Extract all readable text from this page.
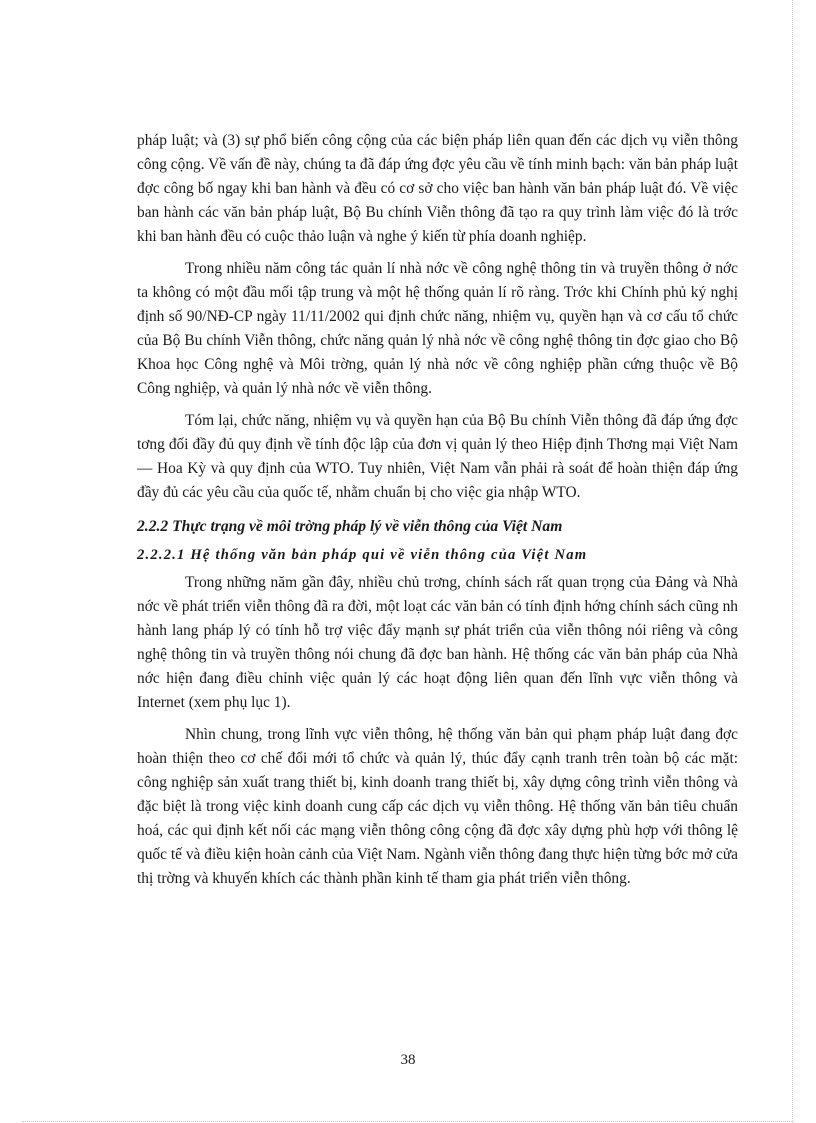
pháp luật; và (3) sự phổ biến công cộng của các biện pháp liên quan đến các dịch vụ viễn thông công cộng. Về vấn đề này, chúng ta đã đáp ứng đợc yêu cầu về tính minh bạch: văn bản pháp luật đợc công bố ngay khi ban hành và đều có cơ sở cho việc ban hành văn bản pháp luật đó. Về việc ban hành các văn bản pháp luật, Bộ Bu chính Viễn thông đã tạo ra quy trình làm việc đó là trớc khi ban hành đều có cuộc thảo luận và nghe ý kiến từ phía doanh nghiệp.

Trong nhiều năm công tác quản lí nhà nớc về công nghệ thông tin và truyền thông ở nớc ta không có một đầu mối tập trung và một hệ thống quản lí rõ ràng. Trớc khi Chính phủ ký nghị định số 90/NĐ-CP ngày 11/11/2002 qui định chức năng, nhiệm vụ, quyền hạn và cơ cấu tổ chức của Bộ Bu chính Viễn thông, chức năng quản lý nhà nớc về công nghệ thông tin đợc giao cho Bộ Khoa học Công nghệ và Môi trờng, quản lý nhà nớc về công nghiệp phần cứng thuộc về Bộ Công nghiệp, và quản lý nhà nớc về viễn thông.

Tóm lại, chức năng, nhiệm vụ và quyền hạn của Bộ Bu chính Viễn thông đã đáp ứng đợc tơng đối đầy đủ quy định về tính độc lập của đơn vị quản lý theo Hiệp định Thơng mại Việt Nam — Hoa Kỳ và quy định của WTO. Tuy nhiên, Việt Nam vẫn phải rà soát để hoàn thiện đáp ứng đầy đủ các yêu cầu của quốc tế, nhằm chuẩn bị cho việc gia nhập WTO.

2.2.2 Thực trạng về môi trờng pháp lý về viễn thông của Việt Nam
2.2.2.1 Hệ thống văn bản pháp qui về viễn thông của Việt Nam

Trong những năm gần đây, nhiều chủ trơng, chính sách rất quan trọng của Đảng và Nhà nớc về phát triển viễn thông đã ra đời, một loạt các văn bản có tính định hớng chính sách cũng nh hành lang pháp lý có tính hỗ trợ việc đẩy mạnh sự phát triển của viễn thông nói riêng và công nghệ thông tin và truyền thông nói chung đã đợc ban hành. Hệ thống các văn bản pháp của Nhà nớc hiện đang điều chỉnh việc quản lý các hoạt động liên quan đến lĩnh vực viễn thông và Internet (xem phụ lục 1).

Nhìn chung, trong lĩnh vực viễn thông, hệ thống văn bản qui phạm pháp luật đang đợc hoàn thiện theo cơ chế đổi mới tổ chức và quản lý, thúc đẩy cạnh tranh trên toàn bộ các mặt: công nghiệp sản xuất trang thiết bị, kinh doanh trang thiết bị, xây dựng công trình viễn thông và đặc biệt là trong việc kinh doanh cung cấp các dịch vụ viễn thông. Hệ thống văn bản tiêu chuẩn hoá, các qui định kết nối các mạng viễn thông công cộng đã đợc xây dựng phù hợp với thông lệ quốc tế và điều kiện hoàn cảnh của Việt Nam. Ngành viễn thông đang thực hiện từng bớc mở cửa thị trờng và khuyến khích các thành phần kinh tế tham gia phát triển viễn thông.

38
